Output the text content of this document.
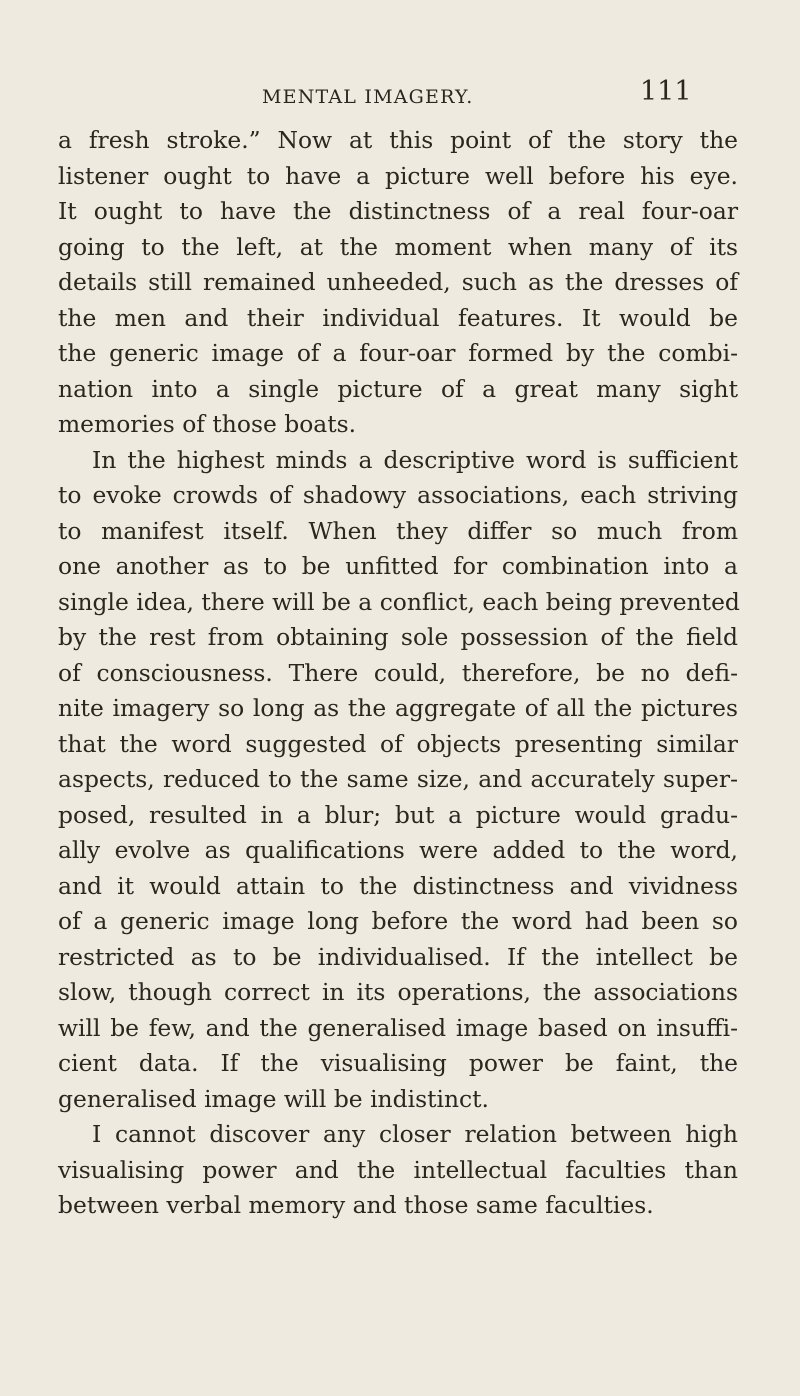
MENTAL IMAGERY.	111
a fresh stroke.” Now at this point of the story the
listener ought to have a picture well before his eye.
It ought to have the distinctness of a real four-oar
going to the left, at the moment when many of its
details still remained unheeded, such as the dresses of
the men and their individual features. It would be
the generic image of a four-oar formed by the combi-
nation into a single picture of a great many sight
memories of those boats.
In the highest minds a descriptive word is sufficient
to evoke crowds of shadowy associations, each striving
to manifest itself. When they differ so much from
one another as to be unfitted for combination into a
single idea, there will be a conflict, each being prevented
by the rest from obtaining sole possession of the field
of consciousness. There could, therefore, be no defi-
nite imagery so long as the aggregate of all the pictures
that the word suggested of objects presenting similar
aspects, reduced to the same size, and accurately super-
posed, resulted in a blur; but a picture would gradu-
ally evolve as qualifications were added to the word,
and it would attain to the distinctness and vividness
of a generic image long before the word had been so
restricted as to be individualised. If the intellect be
slow, though correct in its operations, the associations
will be few, and the generalised image based on insuffi-
cient data. If the visualising power be faint, the
generalised image will be indistinct.
I cannot discover any closer relation between high
visualising power and the intellectual faculties than
between verbal memory and those same faculties.
